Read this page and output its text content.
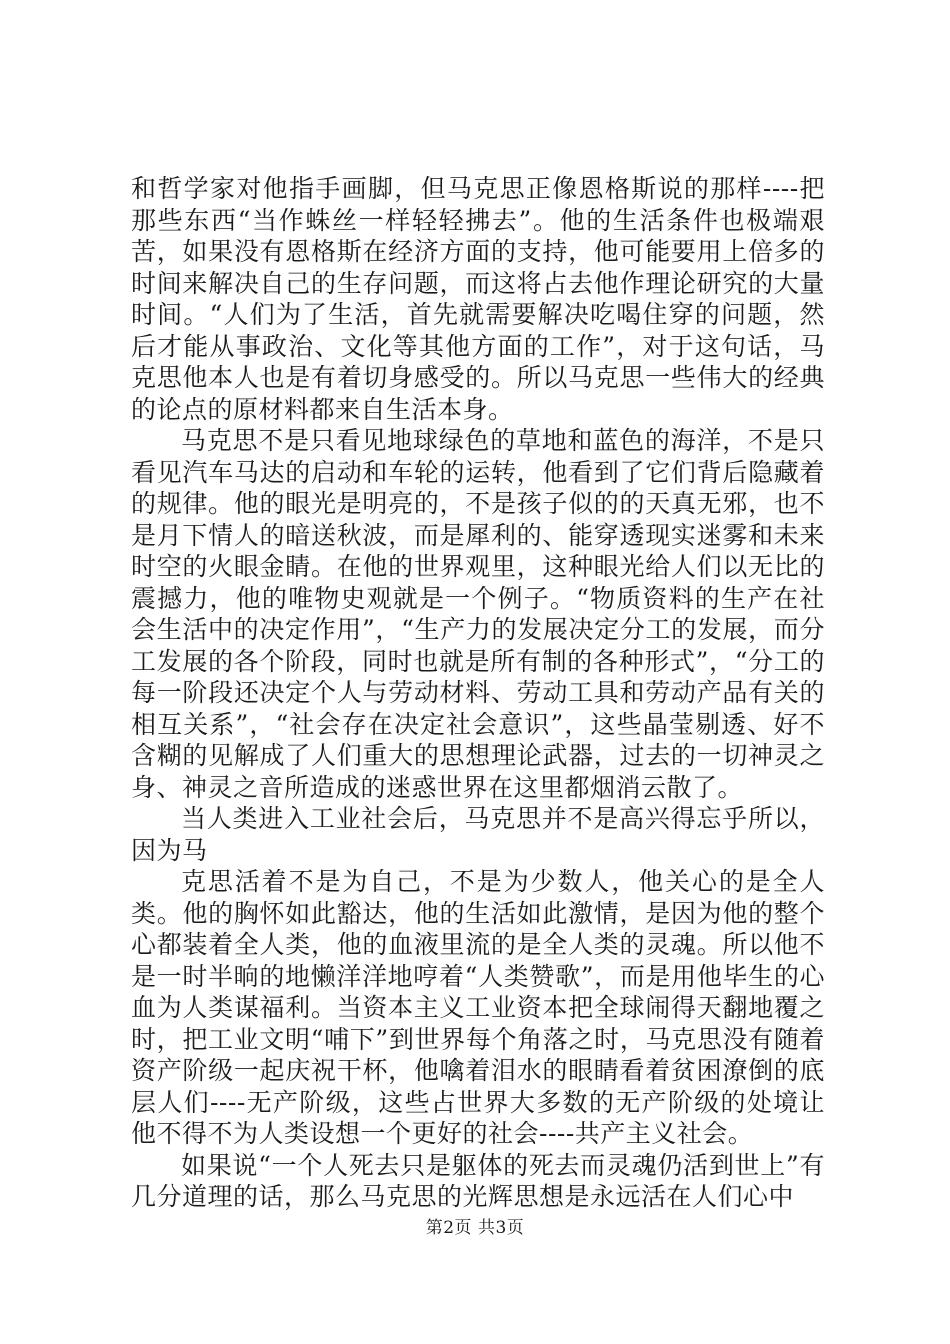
和哲学家对他指手画脚，但马克思正像恩格斯说的那样----把那些东西“当作蛛丝一样轻轻拂去”。他的生活条件也极端艰苦，如果没有恩格斯在经济方面的支持，他可能要用上倍多的时间来解决自己的生存问题，而这将占去他作理论研究的大量时间。“人们为了生活，首先就需要解决吃喝住穿的问题，然后才能从事政治、文化等其他方面的工作”，对于这句话，马克思他本人也是有着切身感受的。所以马克思一些伟大的经典的论点的原材料都来自生活本身。

马克思不是只看见地球绿色的草地和蓝色的海洋，不是只看见汽车马达的启动和车轮的运转，他看到了它们背后隐藏着的规律。他的眼光是明亮的，不是孩子似的的天真无邪，也不是月下情人的暗送秋波，而是犀利的、能穿透现实迷雾和未来时空的火眼金睛。在他的世界观里，这种眼光给人们以无比的震撼力，他的唯物史观就是一个例子。“物质资料的生产在社会生活中的决定作用”，“生产力的发展决定分工的发展，而分工发展的各个阶段，同时也就是所有制的各种形式”，“分工的每一阶段还决定个人与劳动材料、劳动工具和劳动产品有关的相互关系”，“社会存在决定社会意识”，这些晶莹剔透、好不含糊的见解成了人们重大的思想理论武器，过去的一切神灵之身、神灵之音所造成的迷惑世界在这里都烟消云散了。

当人类进入工业社会后，马克思并不是高兴得忘乎所以，因为马

克思活着不是为自己，不是为少数人，他关心的是全人类。他的胸怀如此豁达，他的生活如此激情，是因为他的整个心都装着全人类，他的血液里流的是全人类的灵魂。所以他不是一时半晌的地懒洋洋地哼着“人类赞歌”，而是用他毕生的心血为人类谋福利。当资本主义工业资本把全球闹得天翻地覆之时，把工业文明“哺下”到世界每个角落之时，马克思没有随着资产阶级一起庆祝干杯，他噙着泪水的眼睛看着贫困潦倒的底层人们----无产阶级，这些占世界大多数的无产阶级的处境让他不得不为人类设想一个更好的社会----共产主义社会。

如果说“一个人死去只是躯体的死去而灵魂仍活到世上”有几分道理的话，那么马克思的光辉思想是永远活在人们心中

第2页 共3页
